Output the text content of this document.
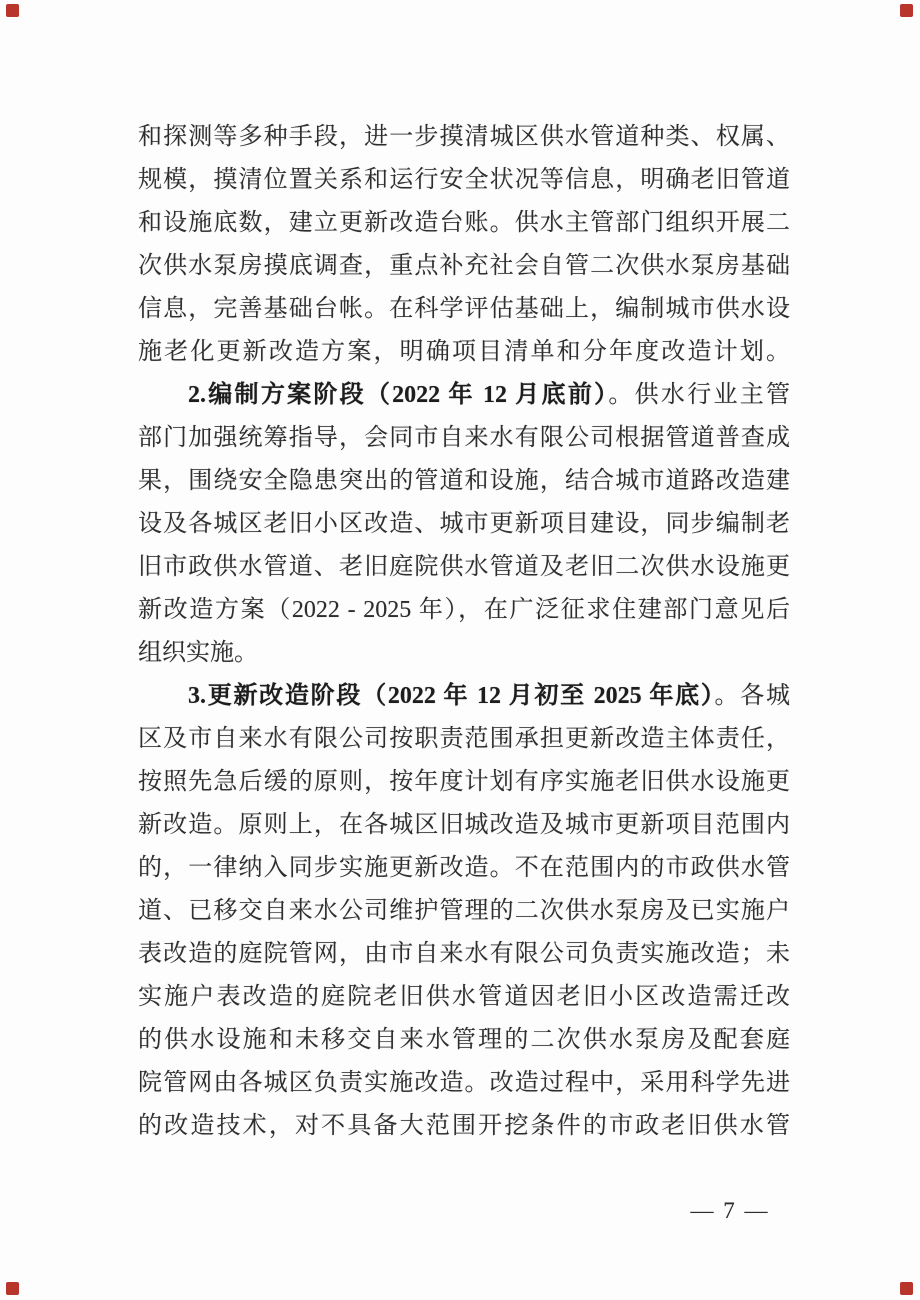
和探测等多种手段，进一步摸清城区供水管道种类、权属、
规模，摸清位置关系和运行安全状况等信息，明确老旧管道
和设施底数，建立更新改造台账。供水主管部门组织开展二
次供水泵房摸底调查，重点补充社会自管二次供水泵房基础
信息，完善基础台帐。在科学评估基础上，编制城市供水设
施老化更新改造方案，明确项目清单和分年度改造计划。
2.编制方案阶段（2022 年 12 月底前）。供水行业主管
部门加强统筹指导，会同市自来水有限公司根据管道普查成
果，围绕安全隐患突出的管道和设施，结合城市道路改造建
设及各城区老旧小区改造、城市更新项目建设，同步编制老
旧市政供水管道、老旧庭院供水管道及老旧二次供水设施更
新改造方案（2022 - 2025 年），在广泛征求住建部门意见后
组织实施。
3.更新改造阶段（2022 年 12 月初至 2025 年底）。各城
区及市自来水有限公司按职责范围承担更新改造主体责任，
按照先急后缓的原则，按年度计划有序实施老旧供水设施更
新改造。原则上，在各城区旧城改造及城市更新项目范围内
的，一律纳入同步实施更新改造。不在范围内的市政供水管
道、已移交自来水公司维护管理的二次供水泵房及已实施户
表改造的庭院管网，由市自来水有限公司负责实施改造；未
实施户表改造的庭院老旧供水管道因老旧小区改造需迁改
的供水设施和未移交自来水管理的二次供水泵房及配套庭
院管网由各城区负责实施改造。改造过程中，采用科学先进
的改造技术，对不具备大范围开挖条件的市政老旧供水管
— 7 —
